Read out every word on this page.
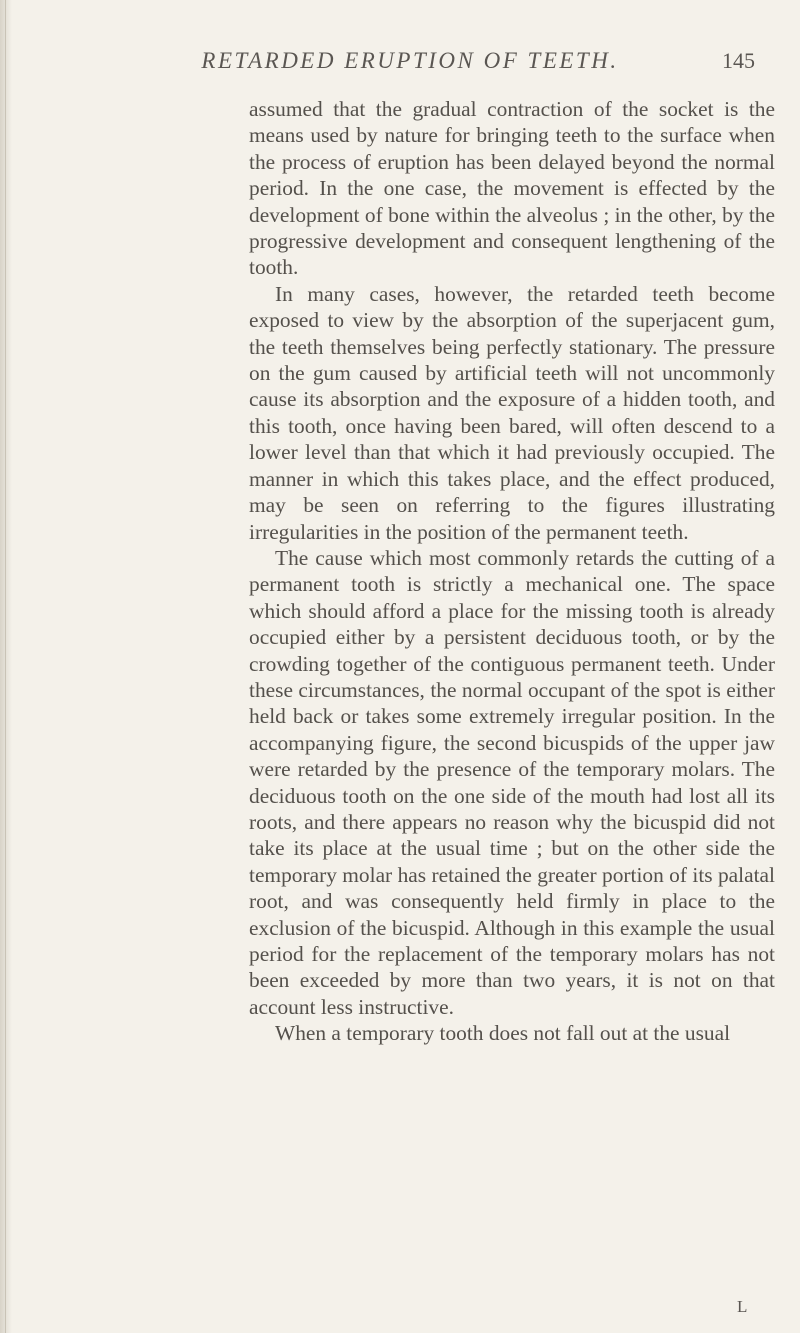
RETARDED ERUPTION OF TEETH.	145

assumed that the gradual contraction of the socket is the means used by nature for bringing teeth to the surface when the process of eruption has been delayed beyond the normal period. In the one case, the movement is effected by the development of bone within the alveolus ; in the other, by the progressive development and consequent lengthening of the tooth.

In many cases, however, the retarded teeth become exposed to view by the absorption of the superjacent gum, the teeth themselves being perfectly stationary. The pressure on the gum caused by artificial teeth will not uncommonly cause its absorption and the exposure of a hidden tooth, and this tooth, once having been bared, will often descend to a lower level than that which it had previously occupied. The manner in which this takes place, and the effect produced, may be seen on referring to the figures illustrating irregularities in the position of the permanent teeth.

The cause which most commonly retards the cutting of a permanent tooth is strictly a mechanical one. The space which should afford a place for the missing tooth is already occupied either by a persistent deciduous tooth, or by the crowding together of the contiguous permanent teeth. Under these circumstances, the normal occupant of the spot is either held back or takes some extremely irregular position. In the accompanying figure, the second bicuspids of the upper jaw were retarded by the presence of the temporary molars. The deciduous tooth on the one side of the mouth had lost all its roots, and there appears no reason why the bicuspid did not take its place at the usual time ; but on the other side the temporary molar has retained the greater portion of its palatal root, and was consequently held firmly in place to the exclusion of the bicuspid. Although in this example the usual period for the replacement of the temporary molars has not been exceeded by more than two years, it is not on that account less instructive.

When a temporary tooth does not fall out at the usual

L
